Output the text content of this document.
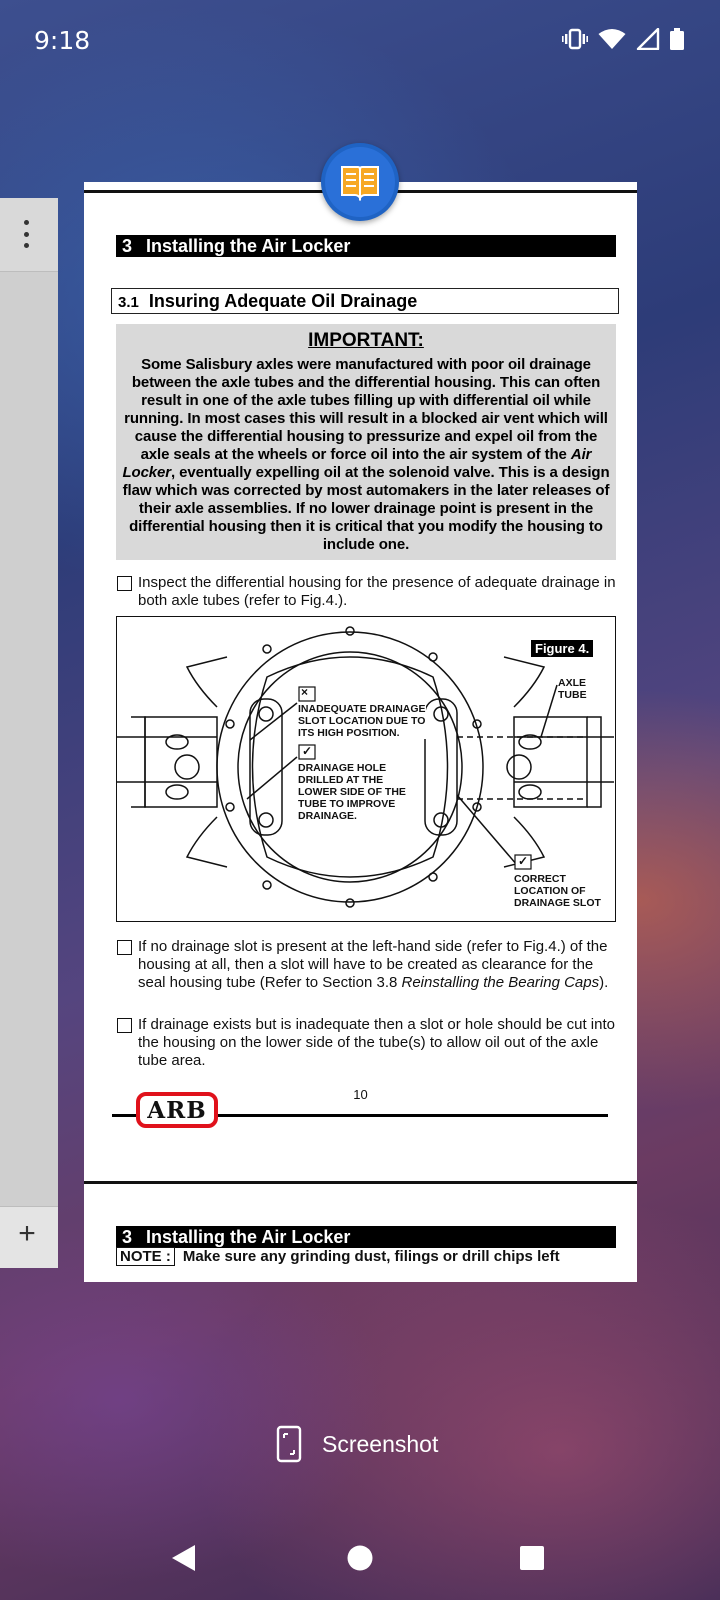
9:18
+
3 Installing the Air Locker
3.1 Insuring Adequate Oil Drainage
IMPORTANT:
Some Salisbury axles were manufactured with poor oil drainage between the axle tubes and the differential housing. This can often result in one of the axle tubes filling up with differential oil while running. In most cases this will result in a blocked air vent which will cause the differential housing to pressurize and expel oil from the axle seals at the wheels or force oil into the air system of the Air Locker, eventually expelling oil at the solenoid valve. This is a design flaw which was corrected by most automakers in the later releases of their axle assemblies. If no lower drainage point is present in the differential housing then it is critical that you modify the housing to include one.
Inspect the differential housing for the presence of adequate drainage in both axle tubes (refer to Fig.4.).
Figure 4.
×
✓
✓
AXLE
TUBE
INADEQUATE DRAINAGE
SLOT LOCATION DUE TO
ITS HIGH POSITION.
DRAINAGE HOLE
DRILLED AT THE
LOWER SIDE OF THE
TUBE TO IMPROVE
DRAINAGE.
CORRECT
LOCATION OF
DRAINAGE SLOT
If no drainage slot is present at the left-hand side (refer to Fig.4.) of the housing at all, then a slot will have to be created as clearance for the seal housing tube (Refer to Section 3.8 Reinstalling the Bearing Caps).
If drainage exists but is inadequate then a slot or hole should be cut into the housing on the lower side of the tube(s) to allow oil out of the axle tube area.
10
ARB
3 Installing the Air Locker
NOTE : Make sure any grinding dust, filings or drill chips left
Screenshot
